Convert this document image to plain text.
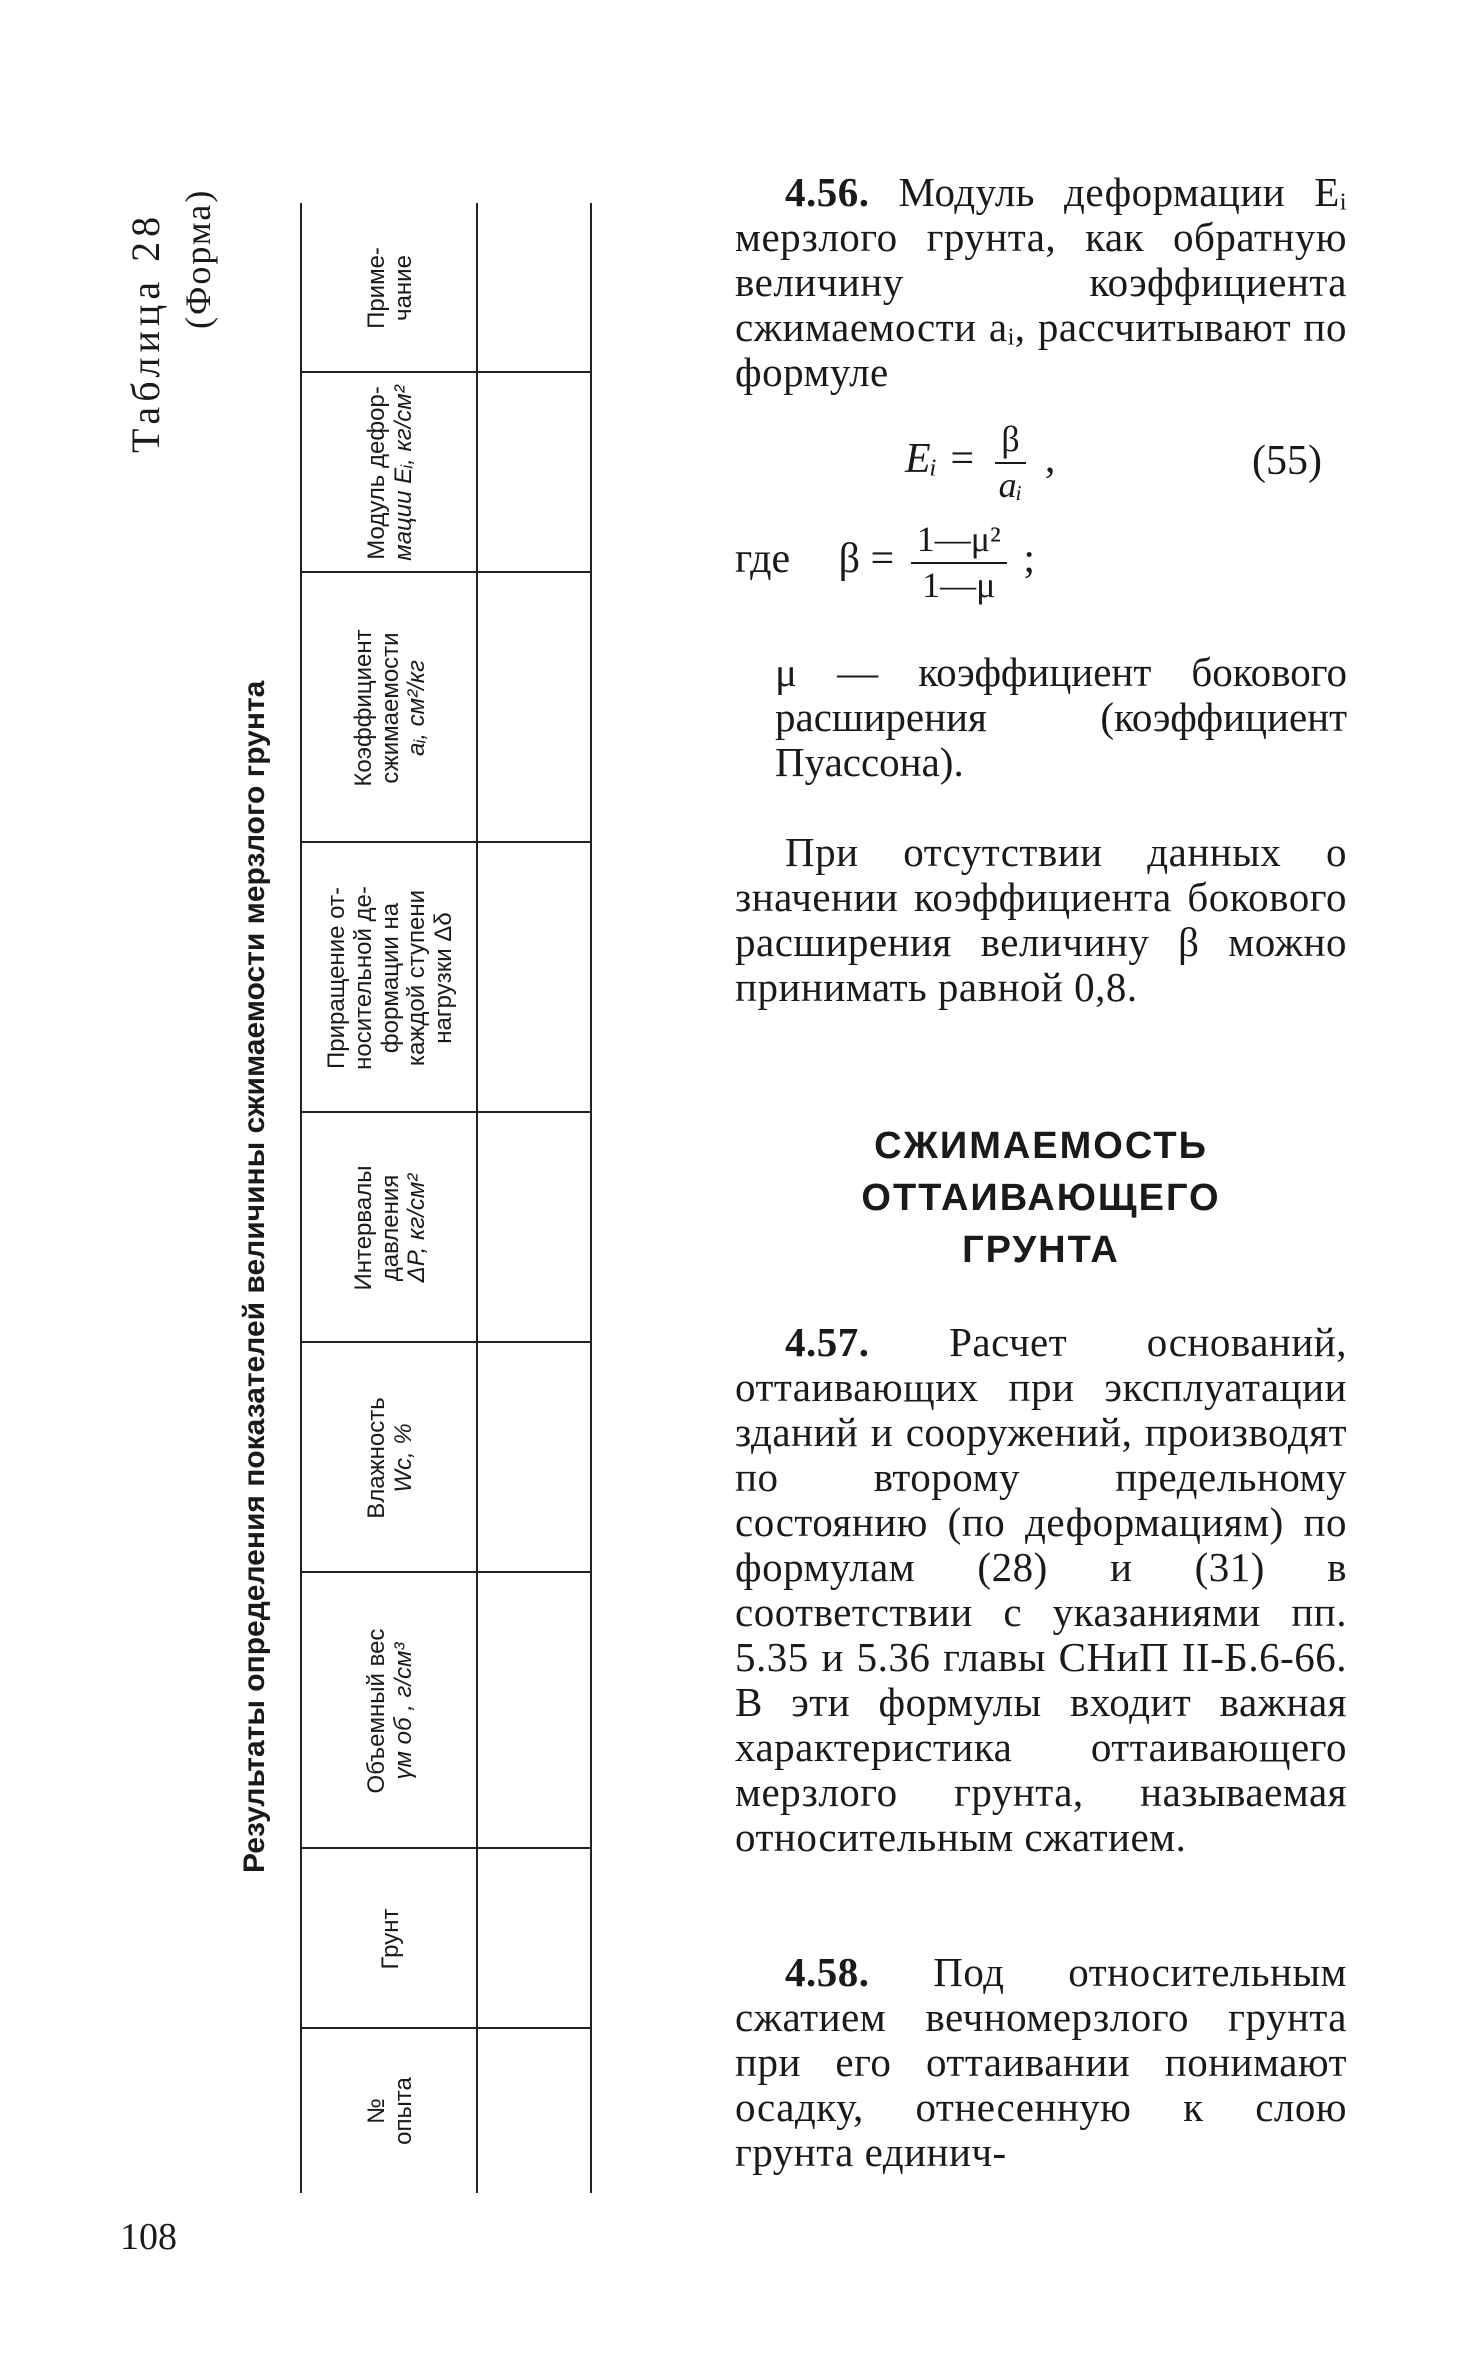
Таблица 28 (Форма)
Результаты определения показателей величины сжимаемости мерзлого грунта
№ опыта
Грунт
Объемный вес γм об , г/см³
Влажность Wc, %
Интервалы давления ΔP, кг/см²
Приращение от- носительной де- формации на каждой ступени нагрузки Δδ
Коэффициент сжимаемости aᵢ, см²/кг
Модуль дефор- мации Eᵢ, кг/см²
Приме- чание
108
4.56. Модуль деформации Eᵢ мерзлого грунта, как обратную величину коэффициента сжимаемости aᵢ, рассчитывают по формуле
Eᵢ = $\frac{\beta}{\text{aᵢ}}$ ,	(55)
где $\beta = \frac{\text{1—μ²}}{1—\mu}$ ;
μ — коэффициент бокового расширения (коэффициент Пуассона).
При отсутствии данных о значении коэффициента бокового расширения величину β можно принимать равной 0,8.
СЖИМАЕМОСТЬ
ОТТАИВАЮЩЕГО
ГРУНТА
4.57. Расчет оснований, оттаивающих при эксплуатации зданий и сооружений, производят по второму предельному состоянию (по деформациям) по формулам (28) и (31) в соответствии с указаниями пп. 5.35 и 5.36 главы СНиП II-Б.6-66. В эти формулы входит важная характеристика оттаивающего мерзлого грунта, называемая относительным сжатием.
4.58. Под относительным сжатием вечномерзлого грунта при его оттаивании понимают осадку, отнесенную к слою грунта единич-
